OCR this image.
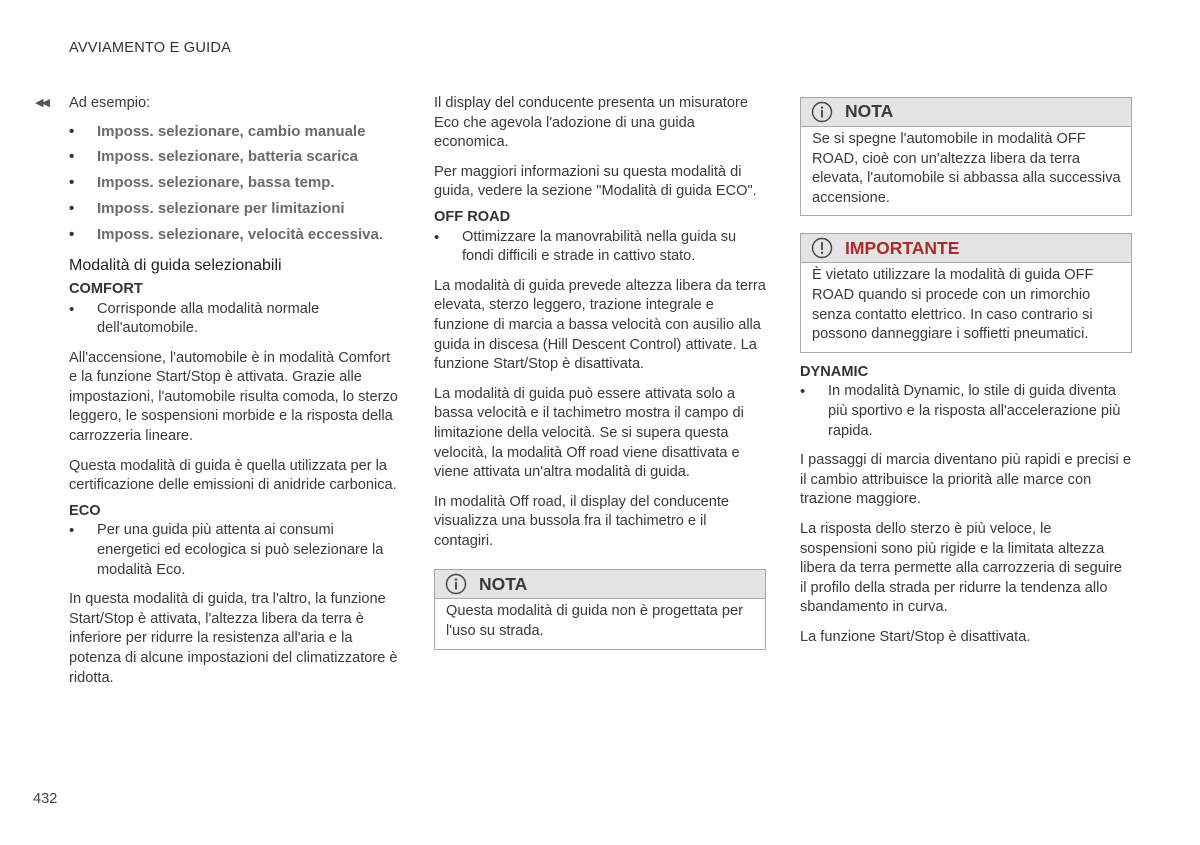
AVVIAMENTO E GUIDA
◀◀ Ad esempio:

• Imposs. selezionare, cambio manuale
• Imposs. selezionare, batteria scarica
• Imposs. selezionare, bassa temp.
• Imposs. selezionare per limitazioni
• Imposs. selezionare, velocità eccessiva.
Modalità di guida selezionabili
COMFORT
• Corrisponde alla modalità normale dell'automobile.

All'accensione, l'automobile è in modalità Comfort e la funzione Start/Stop è attivata. Grazie alle impostazioni, l'automobile risulta comoda, lo sterzo leggero, le sospensioni morbide e la risposta della carrozzeria lineare.

Questa modalità di guida è quella utilizzata per la certificazione delle emissioni di anidride carbonica.

ECO
• Per una guida più attenta ai consumi energetici ed ecologica si può selezionare la modalità Eco.

In questa modalità di guida, tra l'altro, la funzione Start/Stop è attivata, l'altezza libera da terra è inferiore per ridurre la resistenza all'aria e la potenza di alcune impostazioni del climatizzatore è ridotta.

Il display del conducente presenta un misuratore Eco che agevola l'adozione di una guida economica.

Per maggiori informazioni su questa modalità di guida, vedere la sezione "Modalità di guida ECO".

OFF ROAD
• Ottimizzare la manovrabilità nella guida su fondi difficili e strade in cattivo stato.

La modalità di guida prevede altezza libera da terra elevata, sterzo leggero, trazione integrale e funzione di marcia a bassa velocità con ausilio alla guida in discesa (Hill Descent Control) attivate. La funzione Start/Stop è disattivata.

La modalità di guida può essere attivata solo a bassa velocità e il tachimetro mostra il campo di limitazione della velocità. Se si supera questa velocità, la modalità Off road viene disattivata e viene attivata un'altra modalità di guida.

In modalità Off road, il display del conducente visualizza una bussola fra il tachimetro e il contagiri.

NOTA
Questa modalità di guida non è progettata per l'uso su strada.
NOTA
Se si spegne l'automobile in modalità OFF ROAD, cioè con un'altezza libera da terra elevata, l'automobile si abbassa alla successiva accensione.
IMPORTANTE
È vietato utilizzare la modalità di guida OFF ROAD quando si procede con un rimorchio senza contatto elettrico. In caso contrario si possono danneggiare i soffietti pneumatici.
DYNAMIC
• In modalità Dynamic, lo stile di guida diventa più sportivo e la risposta all'accelerazione più rapida.

I passaggi di marcia diventano più rapidi e precisi e il cambio attribuisce la priorità alle marce con trazione maggiore.

La risposta dello sterzo è più veloce, le sospensioni sono più rigide e la limitata altezza libera da terra permette alla carrozzeria di seguire il profilo della strada per ridurre la tendenza allo sbandamento in curva.

La funzione Start/Stop è disattivata.

432
